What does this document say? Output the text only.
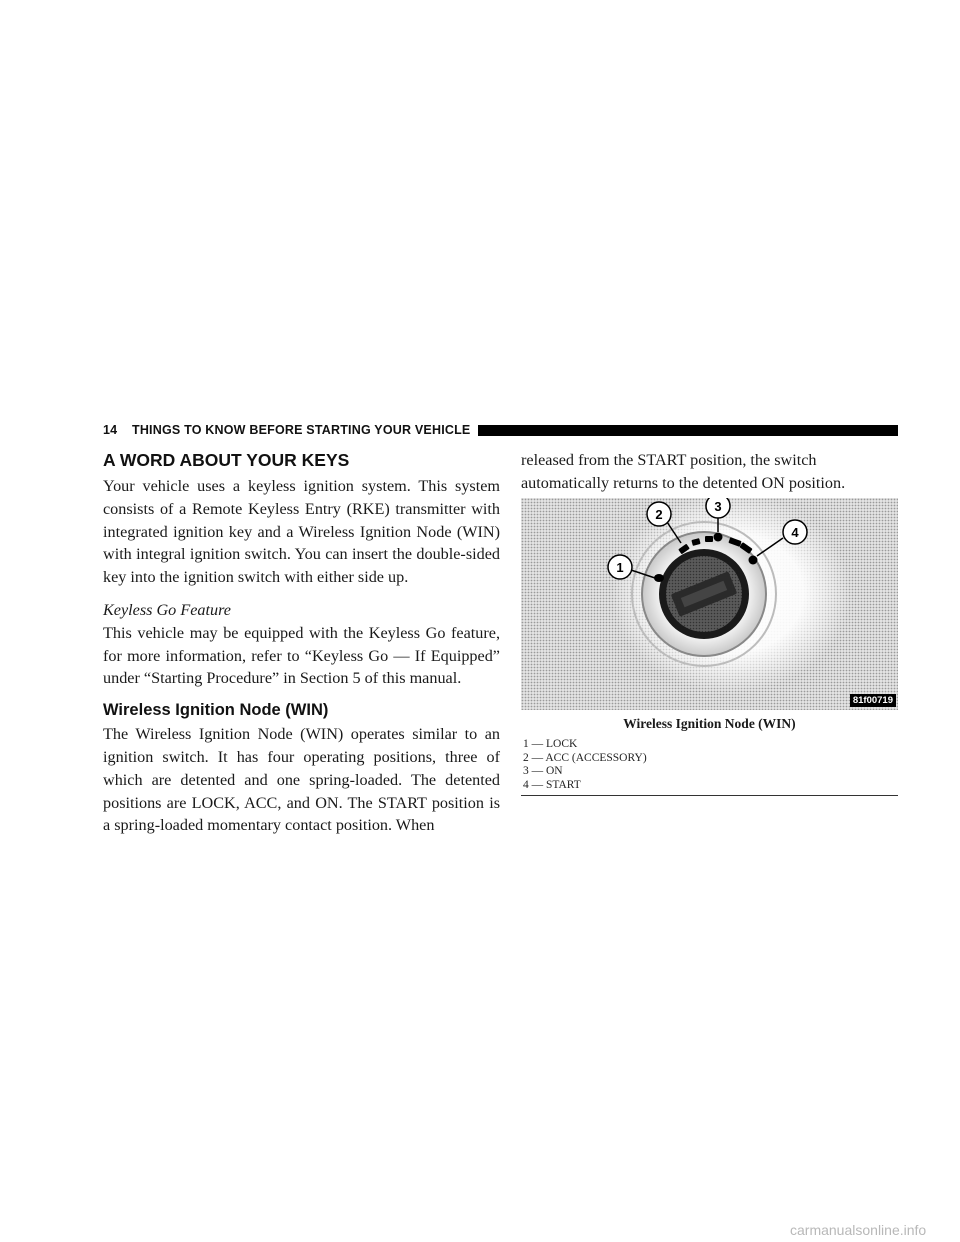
14    THINGS TO KNOW BEFORE STARTING YOUR VEHICLE
A WORD ABOUT YOUR KEYS

Your vehicle uses a keyless ignition system. This system consists of a Remote Keyless Entry (RKE) transmitter with integrated ignition key and a Wireless Ignition Node (WIN) with integral ignition switch. You can insert the double-sided key into the ignition switch with either side up.

Keyless Go Feature

This vehicle may be equipped with the Keyless Go feature, for more information, refer to “Keyless Go — If Equipped” under “Starting Procedure” in Section 5 of this manual.

Wireless Ignition Node (WIN)

The Wireless Ignition Node (WIN) operates similar to an ignition switch. It has four operating positions, three of which are detented and one spring-loaded. The detented positions are LOCK, ACC, and ON. The START position is a spring-loaded momentary contact position. When

released from the START position, the switch automatically returns to the detented ON position.

1
2
3
4
81f00719
Wireless Ignition Node (WIN)
1 — LOCK
2 — ACC (ACCESSORY)
3 — ON
4 — START
carmanualsonline.info
